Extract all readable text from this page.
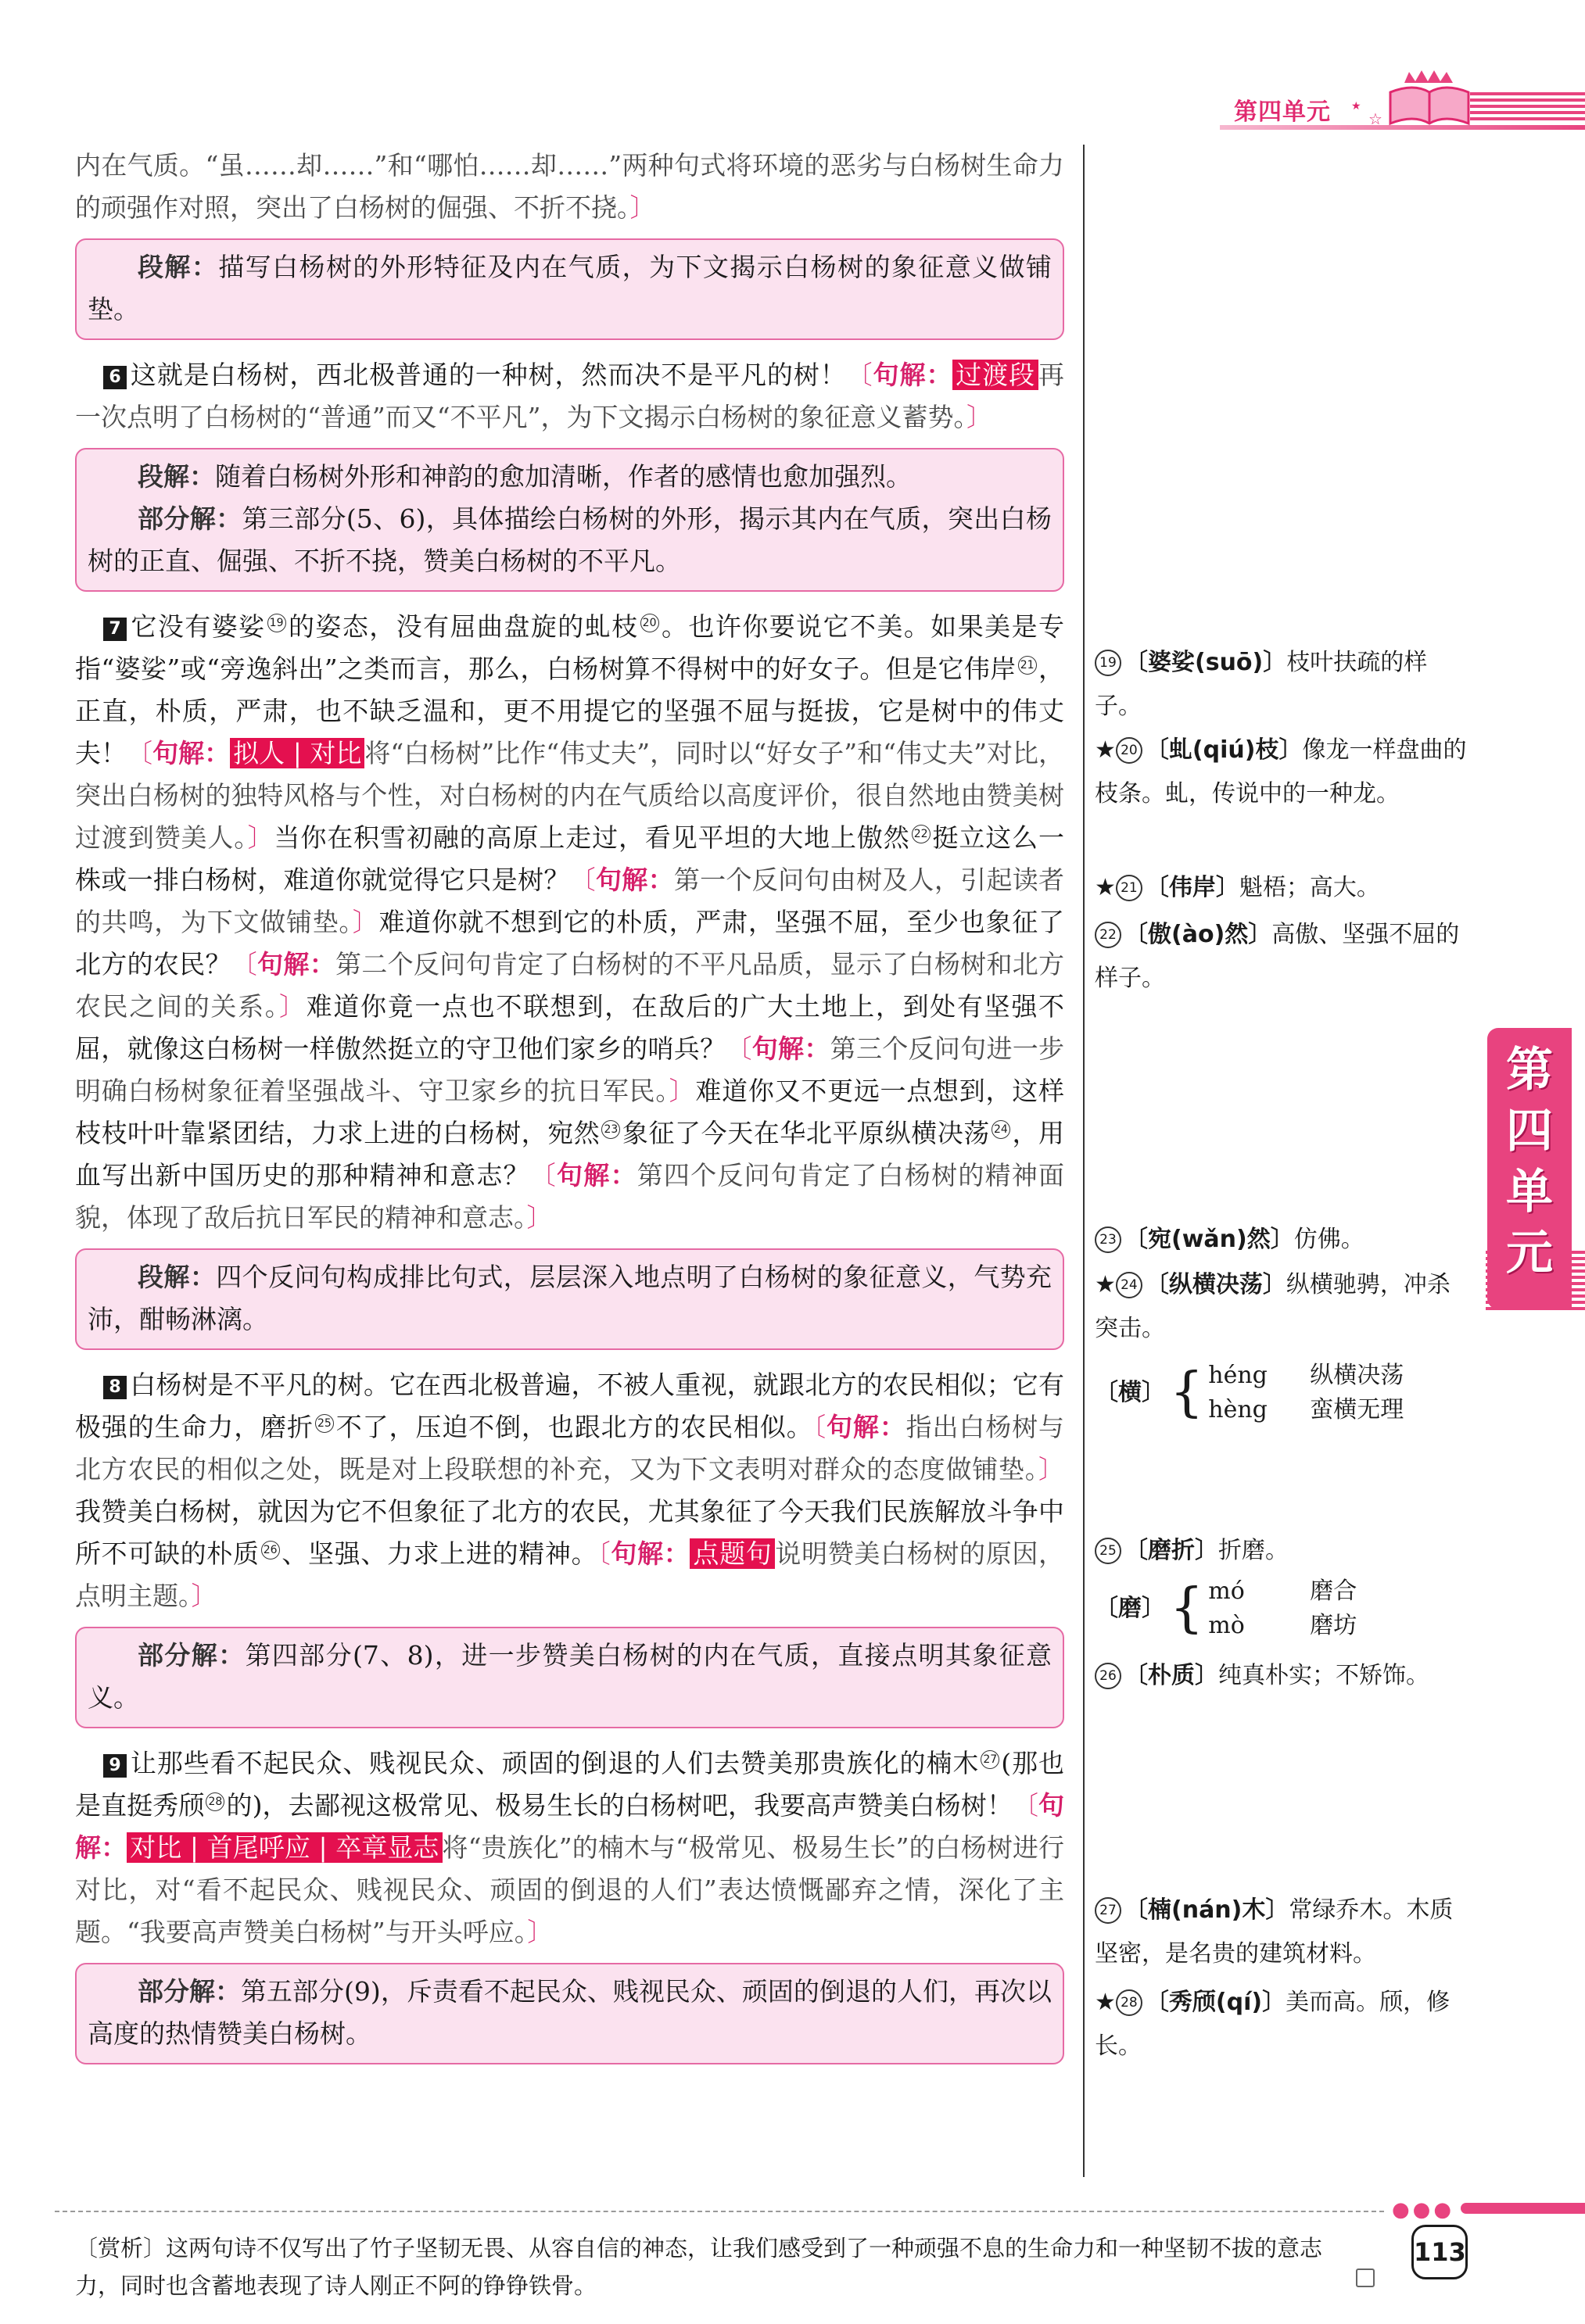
第四单元 ☆
★

内在气质。“虽……却……”和“哪怕……却……”两种句式将环境的恶劣与白杨树生命力的顽强作对照，突出了白杨树的倔强、不折不挠。〕

段解：描写白杨树的外形特征及内在气质，为下文揭示白杨树的象征意义做铺垫。

6 这就是白杨树，西北极普通的一种树，然而决不是平凡的树！〔句解： 过渡段 再一次点明了白杨树的“普通”而又“不平凡”，为下文揭示白杨树的象征意义蓄势。〕

段解：随着白杨树外形和神韵的愈加清晰，作者的感情也愈加强烈。
部分解：第三部分(5、6)，具体描绘白杨树的外形，揭示其内在气质，突出白杨树的正直、倔强、不折不挠，赞美白杨树的不平凡。

7 它没有婆娑 19 的姿态，没有屈曲盘旋的虬枝 20 。也许你要说它不美。如果美是专指“婆娑”或“旁逸斜出”之类而言，那么，白杨树算不得树中的好女子。但是它伟岸 21 ，正直，朴质，严肃，也不缺乏温和，更不用提它的坚强不屈与挺拔，它是树中的伟丈夫！〔句解： 拟人 | 对比 将“白杨树”比作“伟丈夫”，同时以“好女子”和“伟丈夫”对比，突出白杨树的独特风格与个性，对白杨树的内在气质给以高度评价，很自然地由赞美树过渡到赞美人。〕当你在积雪初融的高原上走过，看见平坦的大地上傲然 22 挺立这么一株或一排白杨树，难道你就觉得它只是树？〔句解：第一个反问句由树及人，引起读者的共鸣，为下文做铺垫。〕难道你就不想到它的朴质，严肃，坚强不屈，至少也象征了北方的农民？〔句解：第二个反问句肯定了白杨树的不平凡品质，显示了白杨树和北方农民之间的关系。〕难道你竟一点也不联想到，在敌后的广大土地上，到处有坚强不屈，就像这白杨树一样傲然挺立的守卫他们家乡的哨兵？〔句解：第三个反问句进一步明确白杨树象征着坚强战斗、守卫家乡的抗日军民。〕难道你又不更远一点想到，这样枝枝叶叶靠紧团结，力求上进的白杨树，宛然 23 象征了今天在华北平原纵横决荡 24 ，用血写出新中国历史的那种精神和意志？〔句解：第四个反问句肯定了白杨树的精神面貌，体现了敌后抗日军民的精神和意志。〕

段解：四个反问句构成排比句式，层层深入地点明了白杨树的象征意义，气势充沛，酣畅淋漓。

8 白杨树是不平凡的树。它在西北极普遍，不被人重视，就跟北方的农民相似；它有极强的生命力，磨折 25 不了，压迫不倒，也跟北方的农民相似。〔句解：指出白杨树与北方农民的相似之处，既是对上段联想的补充，又为下文表明对群众的态度做铺垫。〕我赞美白杨树，就因为它不但象征了北方的农民，尤其象征了今天我们民族解放斗争中所不可缺的朴质 26 、坚强、力求上进的精神。〔句解： 点题句 说明赞美白杨树的原因，点明主题。〕

部分解：第四部分(7、8)，进一步赞美白杨树的内在气质，直接点明其象征意义。

9 让那些看不起民众、贱视民众、顽固的倒退的人们去赞美那贵族化的楠木 27 (那也是直挺秀颀 28 的)，去鄙视这极常见、极易生长的白杨树吧，我要高声赞美白杨树！〔句解： 对比 | 首尾呼应 | 卒章显志 将“贵族化”的楠木与“极常见、极易生长”的白杨树进行对比，对“看不起民众、贱视民众、顽固的倒退的人们”表达愤慨鄙弃之情，深化了主题。“我要高声赞美白杨树”与开头呼应。〕

部分解：第五部分(9)，斥责看不起民众、贱视民众、顽固的倒退的人们，再次以高度的热情赞美白杨树。
19 〔婆娑(suō)〕枝叶扶疏的样子。
★ 20 〔虬(qiú)枝〕像龙一样盘曲的枝条。虬，传说中的一种龙。
★ 21 〔伟岸〕魁梧；高大。
22 〔傲(ào)然〕高傲、坚强不屈的样子。
23 〔宛(wǎn)然〕仿佛。
★ 24 〔纵横决荡〕纵横驰骋，冲杀突击。
〔横〕 { héng 纵横决荡
hèng 蛮横无理
25 〔磨折〕折磨。
〔磨〕 { mó	磨合
mò	磨坊
26 〔朴质〕纯真朴实；不矫饰。
27 〔楠(nán)木〕常绿乔木。木质坚密，是名贵的建筑材料。
★ 28 〔秀颀(qí)〕美而高。颀，修长。
第
四
单
元
●●●
〔赏析〕这两句诗不仅写出了竹子坚韧无畏、从容自信的神态，让我们感受到了一种顽强不息的生命力和一种坚韧不拔的意志力，同时也含蓄地表现了诗人刚正不阿的铮铮铁骨。
113
